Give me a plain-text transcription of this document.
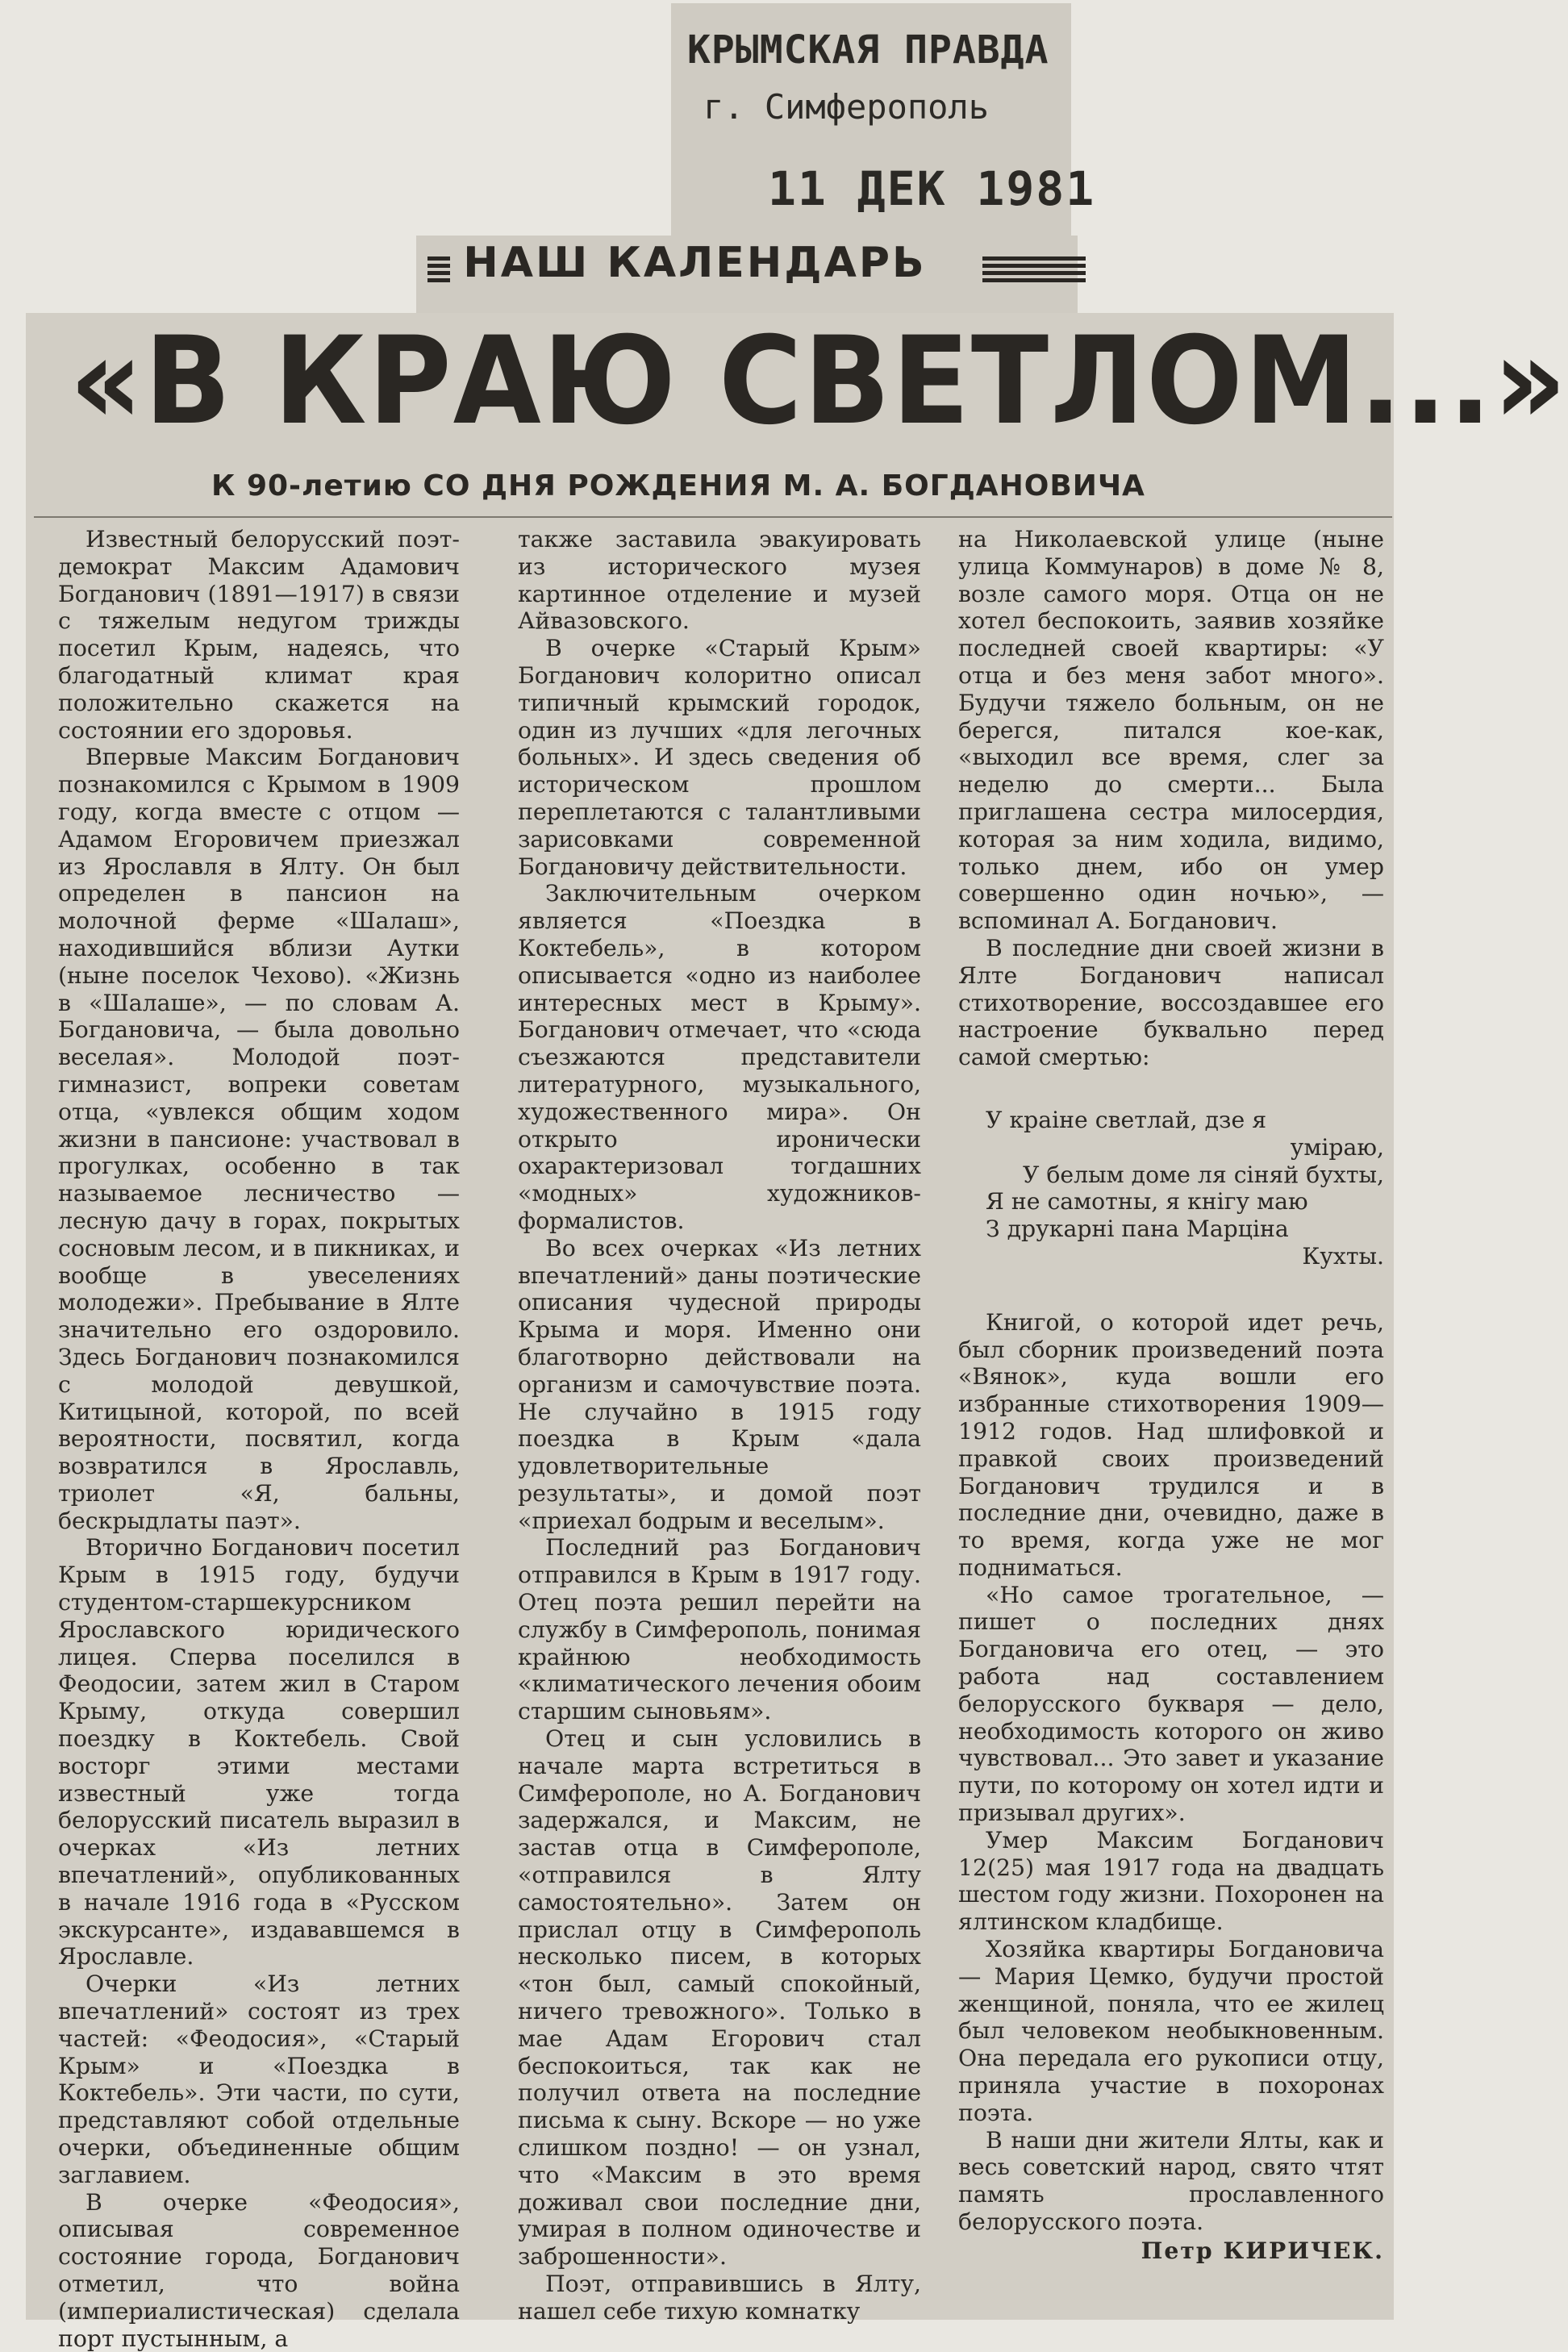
КРЫМСКАЯ ПРАВДА
г. Симферополь
11 ДЕК 1981
НАШ КАЛЕНДАРЬ
«В КРАЮ СВЕТЛОМ...»
К 90-летию СО ДНЯ РОЖДЕНИЯ М. А. БОГДАНОВИЧА

Известный белорусский поэт-демократ Максим Адамович Богданович (1891—1917) в связи с тяжелым недугом трижды посетил Крым, надеясь, что благодатный климат края положительно скажется на состоянии его здоровья.

Впервые Максим Богданович познакомился с Крымом в 1909 году, когда вместе с отцом — Адамом Егоровичем приезжал из Ярославля в Ялту. Он был определен в пансион на молочной ферме «Шалаш», находившийся вблизи Аутки (ныне поселок Чехово). «Жизнь в «Шалаше», — по словам А. Богдановича, — была довольно веселая». Молодой поэт-гимназист, вопреки советам отца, «увлекся общим ходом жизни в пансионе: участвовал в прогулках, особенно в так называемое лесничество — лесную дачу в горах, покрытых сосновым лесом, и в пикниках, и вообще в увеселениях молодежи». Пребывание в Ялте значительно его оздоровило. Здесь Богданович познакомился с молодой девушкой, Китицыной, которой, по всей вероятности, посвятил, когда возвратился в Ярославль, триолет «Я, бальны, бескрыдлаты паэт».

Вторично Богданович посетил Крым в 1915 году, будучи студентом-старшекурсником Ярославского юридического лицея. Сперва поселился в Феодосии, затем жил в Старом Крыму, откуда совершил поездку в Коктебель. Свой восторг этими местами известный уже тогда белорусский писатель выразил в очерках «Из летних впечатлений», опубликованных в начале 1916 года в «Русском экскурсанте», издававшемся в Ярославле.

Очерки «Из летних впечатлений» состоят из трех частей: «Феодосия», «Старый Крым» и «Поездка в Коктебель». Эти части, по сути, представляют собой отдельные очерки, объединенные общим заглавием.

В очерке «Феодосия», описывая современное состояние города, Богданович отметил, что война (империалистическая) сделала порт пустынным, а

также заставила эвакуировать из исторического музея картинное отделение и музей Айвазовского.

В очерке «Старый Крым» Богданович колоритно описал типичный крымский городок, один из лучших «для легочных больных». И здесь сведения об историческом прошлом переплетаются с талантливыми зарисовками современной Богдановичу действительности.

Заключительным очерком является «Поездка в Коктебель», в котором описывается «одно из наиболее интересных мест в Крыму». Богданович отмечает, что «сюда съезжаются представители литературного, музыкального, художественного мира». Он открыто иронически охарактеризовал тогдашних «модных» художников-формалистов.

Во всех очерках «Из летних впечатлений» даны поэтические описания чудесной природы Крыма и моря. Именно они благотворно действовали на организм и самочувствие поэта. Не случайно в 1915 году поездка в Крым «дала удовлетворительные результаты», и домой поэт «приехал бодрым и веселым».

Последний раз Богданович отправился в Крым в 1917 году. Отец поэта решил перейти на службу в Симферополь, понимая крайнюю необходимость «климатического лечения обоим старшим сыновьям».

Отец и сын условились в начале марта встретиться в Симферополе, но А. Богданович задержался, и Максим, не застав отца в Симферополе, «отправился в Ялту самостоятельно». Затем он прислал отцу в Симферополь несколько писем, в которых «тон был, самый спокойный, ничего тревожного». Только в мае Адам Егорович стал беспокоиться, так как не получил ответа на последние письма к сыну. Вскоре — но уже слишком поздно! — он узнал, что «Максим в это время доживал свои последние дни, умирая в полном одиночестве и заброшенности».

Поэт, отправившись в Ялту, нашел себе тихую комнатку

на Николаевской улице (ныне улица Коммунаров) в доме № 8, возле самого моря. Отца он не хотел беспокоить, заявив хозяйке последней своей квартиры: «У отца и без меня забот много». Будучи тяжело больным, он не берегся, питался кое-как, «выходил все время, слег за неделю до смерти... Была приглашена сестра милосердия, которая за ним ходила, видимо, только днем, ибо он умер совершенно один ночью», — вспоминал А. Богданович.

В последние дни своей жизни в Ялте Богданович написал стихотворение, воссоздавшее его настроение буквально перед самой смертью:

У краіне светлай, дзе я
уміраю,
У белым доме ля сіняй бухты,
Я не самотны, я кнігу маю
З друкарні пана Марціна
Кухты.

Книгой, о которой идет речь, был сборник произведений поэта «Вянок», куда вошли его избранные стихотворения 1909—1912 годов. Над шлифовкой и правкой своих произведений Богданович трудился и в последние дни, очевидно, даже в то время, когда уже не мог подниматься.

«Но самое трогательное, — пишет о последних днях Богдановича его отец, — это работа над составлением белорусского букваря — дело, необходимость которого он живо чувствовал... Это завет и указание пути, по которому он хотел идти и призывал других».

Умер Максим Богданович 12(25) мая 1917 года на двадцать шестом году жизни. Похоронен на ялтинском кладбище.

Хозяйка квартиры Богдановича — Мария Цемко, будучи простой женщиной, поняла, что ее жилец был человеком необыкновенным. Она передала его рукописи отцу, приняла участие в похоронах поэта.

В наши дни жители Ялты, как и весь советский народ, свято чтят память прославленного белорусского поэта.

Петр КИРИЧЕК.
